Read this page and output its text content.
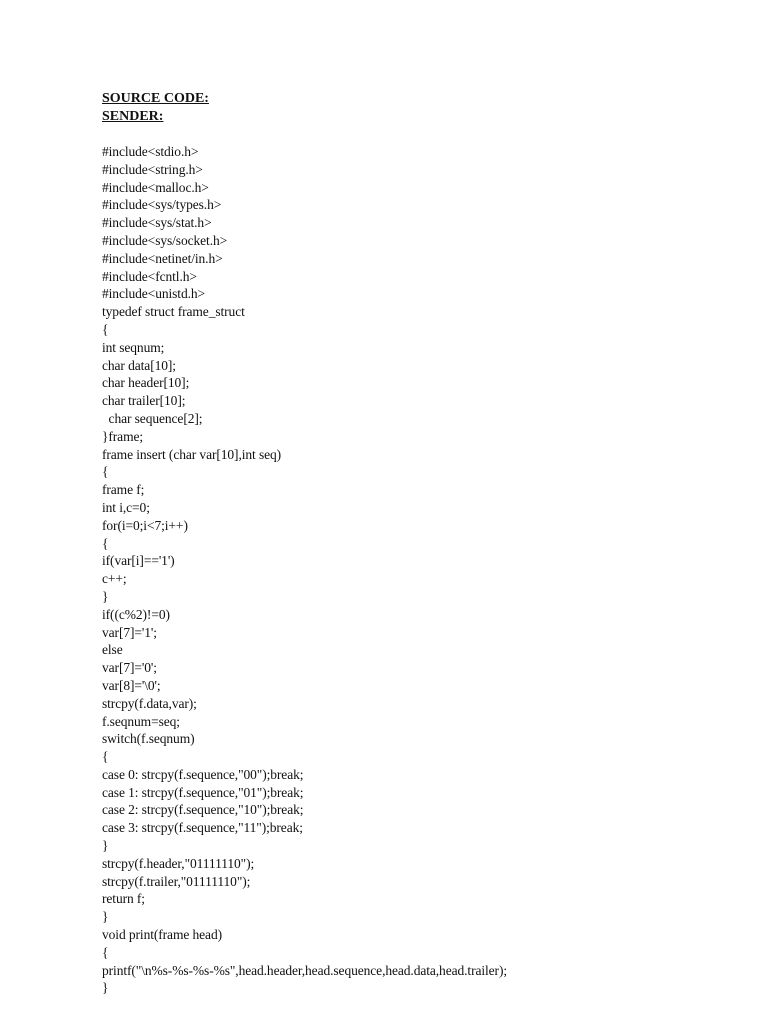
SOURCE CODE:

SENDER:

#include<stdio.h>
#include<string.h>
#include<malloc.h>
#include<sys/types.h>
#include<sys/stat.h>
#include<sys/socket.h>
#include<netinet/in.h>
#include<fcntl.h>
#include<unistd.h>
typedef struct frame_struct
{
int seqnum;
char data[10];
char header[10];
char trailer[10];
char sequence[2];
}frame;
frame insert (char var[10],int seq)
{
frame f;
int i,c=0;
for(i=0;i<7;i++)
{
if(var[i]=='1')
c++;
}
if((c%2)!=0)
var[7]='1';
else
var[7]='0';
var[8]='\0';
strcpy(f.data,var);
f.seqnum=seq;
switch(f.seqnum)
{
case 0: strcpy(f.sequence,"00");break;
case 1: strcpy(f.sequence,"01");break;
case 2: strcpy(f.sequence,"10");break;
case 3: strcpy(f.sequence,"11");break;
}
strcpy(f.header,"01111110");
strcpy(f.trailer,"01111110");
return f;
}
void print(frame head)
{
printf("\n%s-%s-%s-%s",head.header,head.sequence,head.data,head.trailer);
}
